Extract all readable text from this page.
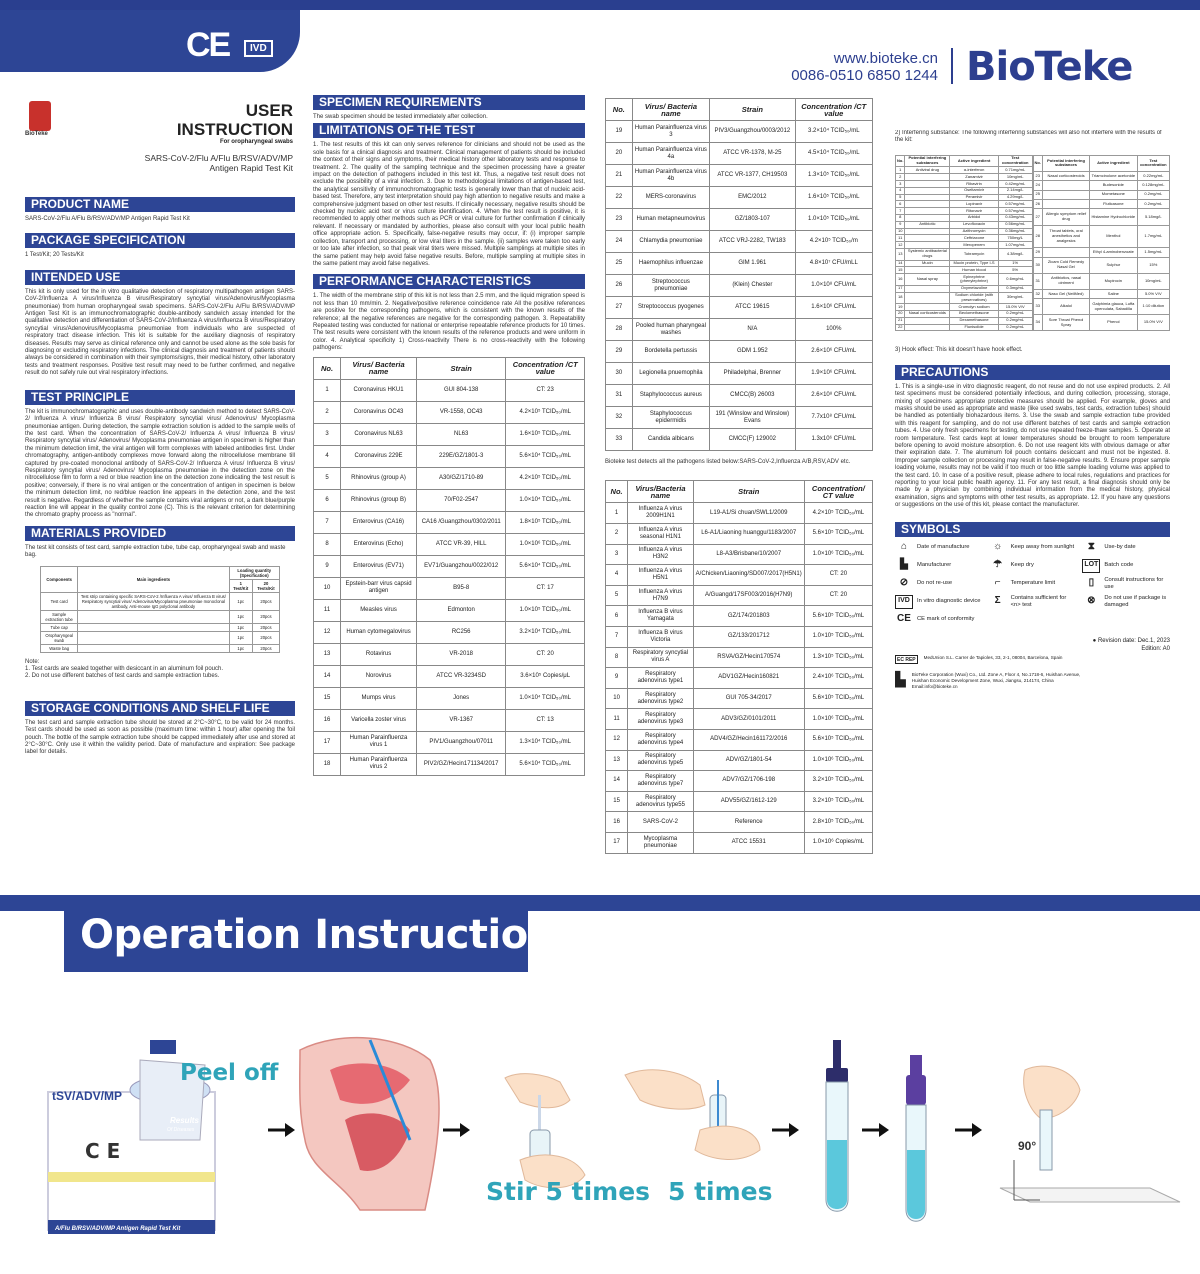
CE	IVD
www.bioteke.cn
0086-0510 6850 1244 BioTeke
BioTeke
USER
INSTRUCTION
For oropharyngeal swabs
SARS-CoV-2/Flu A/Flu B/RSV/ADV/MP
Antigen Rapid Test Kit
PRODUCT NAME
SARS-CoV-2/Flu A/Flu B/RSV/ADV/MP Antigen Rapid Test Kit
PACKAGE SPECIFICATION
1 Test/Kit; 20 Tests/Kit
INTENDED USE
This kit is only used for the in vitro qualitative detection of respiratory multipathogen antigen SARS-CoV-2/Influenza A virus/Influenza B virus/Respiratory syncytial virus/Adenovirus/Mycoplasma pneumoniae) from human oropharyngeal swab specimens. SARS-CoV-2/Flu A/Flu B/RSV/ADV/MP Antigen Test Kit is an immunochromatographic double-antibody sandwich assay intended for the qualitative detection and differentiation of SARS-CoV-2/Influenza A virus/Influenza B virus/Respiratory syncytial virus/Adenovirus/Mycoplasma pneumoniae from individuals who are suspected of respiratory tract disease infection. This kit is suitable for the auxiliary diagnosis of respiratory diseases. Results may serve as clinical reference only and cannot be used alone as the sole basis for diagnosing or excluding respiratory infections. The clinical diagnosis and treatment of patients should always be considered in combination with their symptoms/signs, their medical history, other laboratory tests and treatment responses. Positive test result may need to be further confirmed, and negative result do not safely rule out viral respiratory infections.
TEST PRINCIPLE
The kit is immunochromatographic and uses double-antibody sandwich method to detect SARS-CoV-2/ Influenza A virus/ Influenza B virus/ Respiratory syncytial virus/ Adenovirus/ Mycoplasma pneumoniae antigen. During detection, the sample extraction solution is added to the sample wells of the test card. When the concentration of SARS-CoV-2/ Influenza A virus/ Influenza B virus/ Respiratory syncytial virus/ Adenovirus/ Mycoplasma pneumoniae antigen in specimen is higher than the minimum detection limit, the viral antigen will form complexes with labeled antibodies first. Under chromatography, antigen-antibody complexes move forward along the nitrocellulose membrane till captured by pre-coated monoclonal antibody of SARS-CoV-2/ Influenza A virus/ Influenza B virus/ Respiratory syncytial virus/ Adenovirus/ Mycoplasma pneumoniae in the detection zone on the nitrocellulose film to form a red or blue reaction line on the detection zone indicating the test result is positive; conversely, if there is no viral antigen or the concentration of antigen in specimen is below the minimum detection limit, no red/blue reaction line appears in the detection zone, and the test result is negative. Regardless of whether the sample contains viral antigens or not, a dark blue/purple reaction line will appear in the quality control zone (C). This is the relevant criterion for determining the chromato graphy process as "normal".
MATERIALS PROVIDED
The test kit consists of test card, sample extraction tube, tube cap, oropharyngeal swab and waste bag.
Components	Main ingredients	Loading quantity (Specification)	
		1 Test/Kit	20 Tests/Kit
Test card	Test strip containing specific SARS-CoV-2 /Influenza A virus/ Influenza B virus/ Respiratory syncytial virus/ Adenovirus/Mycoplasma pneumoniae monoclonal antibody, Anti-mouse IgG polyclonal antibody	1pc	20pcs
Sample extraction tube		1pc	20pcs
Tube cap		1pc	20pcs
Oropharyngeal swab		1pc	20pcs
Waste bag		1pc	20pcs
Note:
1. Test cards are sealed together with desiccant in an aluminum foil pouch.
2. Do not use different batches of test cards and sample extraction tubes.
STORAGE CONDITIONS AND SHELF LIFE
The test card and sample extraction tube should be stored at 2°C~30°C, to be valid for 24 months. Test cards should be used as soon as possible (maximum time: within 1 hour) after opening the foil pouch. The bottle of the sample extraction tube should be capped immediately after use and stored at 2°C~30°C. Only use it within the validity period. Date of manufacture and expiration: See package label for details.
SPECIMEN REQUIREMENTS
The swab specimen should be tested immediately after collection.
LIMITATIONS OF THE TEST
1. The test results of this kit can only serves reference for clinicians and should not be used as the sole basis for a clinical diagnosis and treatment. Clinical management of patients should be included the context of their signs and symptoms, their medical history other laboratory tests and response to treatment. 2. The quality of the sampling technique and the specimen processing have a greater impact on the detection of pathogens included in this test kit. Thus, a negative test result does not exclude the possibility of a viral infection. 3. Due to methodological limitations of antigen-based test, the analytical sensitivity of immunochromatographic tests is generally lower than that of nucleic acid-based test. Therefore, any test interpretation should pay high attention to negative results and make a comprehensive judgment based on other test results. If clinically necessary, negative results should be checked by nucleic acid test or virus culture identification. 4. When the test result is positive, it is recommended to apply other methods such as PCR or viral culture for further confirmation if clinically relevant. If necessary or mandated by authorities, please also consult with your local public health office appropriate action. 5. Specifically, false-negative results may occur, if: (i) improper sample collection, transport and processing, or low viral titers in the sample. (ii) samples were taken too early or too late after infection, so that peak viral titers were missed. Multiple samplings at multiple sites in the same patient may help avoid false negative results. Before, multiple sampling at multiple sites in the same patient may avoid false negatives.
PERFORMANCE CHARACTERISTICS
1. The width of the membrane strip of this kit is not less than 2.5 mm, and the liquid migration speed is not less than 10 mm/min. 2. Negative/positive reference coincidence rate All the positive references are positive for the corresponding pathogens, which is consistent with the known results of the reference; all the negative references are negative for the corresponding pathogen. 3. Repeatability Repeated testing was conducted for national or enterprise repeatable reference products for 10 times. The test results were consistent with the known results of the reference products and were uniform in color. 4. Analytical specificity 1) Cross-reactivity There is no cross-reactivity with the following pathogens:
No.	Virus/ Bacteria name	Strain	Concentration /CT value
1	Coronavirus HKU1	GUI 804-138	CT: 23
2	Coronavirus OC43	VR-1558, OC43	4.2×10⁵ TCID₅₀/mL
3	Coronavirus NL63	NL63	1.6×10⁵ TCID₅₀/mL
4	Coronavirus 229E	229E/GZ/1801-3	5.6×10⁴ TCID₅₀/mL
5	Rhinovirus (group A)	A30/GZ/1710-89	4.2×10⁵ TCID₅₀/mL
6	Rhinovirus (group B)	70/F02-2547	1.0×10⁴ TCID₅₀/mL
7	Enterovirus (CA16)	CA16 /Guangzhou/0302/2011	1.8×10⁵ TCID₅₀/mL
8	Enterovirus (Echo)	ATCC VR-39, HILL	1.0×10⁶ TCID₅₀/mL
9	Enterovirus (EV71)	EV71/Guangzhou/0022/012	5.6×10⁴ TCID₅₀/mL
10	Epstein-barr virus capsid antigen	B95-8	CT: 17
11	Measles virus	Edmonton	1.0×10⁵ TCID₅₀/mL
12	Human cytomegalovirus	RC256	3.2×10⁴ TCID₅₀/mL
13	Rotavirus	VR-2018	CT: 20
14	Norovirus	ATCC VR-3234SD	3.6×10⁵ Copies/μL
15	Mumps virus	Jones	1.0×10⁴ TCID₅₀/mL
16	Varicella zoster virus	VR-1367	CT: 13
17	Human Parainfluenza virus 1	PIV1/Guangzhou/07011	1.3×10⁴ TCID₅₀/mL
18	Human Parainfluenza virus 2	PIV2/GZ/Hecin171134/2017	5.6×10⁴ TCID₅₀/mL
No.	Virus/ Bacteria name	Strain	Concentration /CT value
19	Human Parainfluenza virus 3	PIV3/Guangzhou/0003/2012	3.2×10⁴ TCID₅₀/mL
20	Human Parainfluenza virus 4a	ATCC VR-1378, M-25	4.5×10⁴ TCID₅₀/mL
21	Human Parainfluenza virus 4b	ATCC VR-1377, CH19503	1.3×10⁵ TCID₅₀/mL
22	MERS-coronavirus	EMC/2012	1.6×10⁵ TCID₅₀/mL
23	Human metapneumovirus	GZ/1803-107	1.0×10⁵ TCID₅₀/mL
24	Chlamydia pneumoniae	ATCC VRJ-2282, TW183	4.2×10⁵ TCID₅₀/m
25	Haemophilus influenzae	GIM 1.961	4.8×10⁷ CFU/mLL
26	Streptococcus pneumoniae	(Klein) Chester	1.0×10⁸ CFU/mL
27	Streptococcus pyogenes	ATCC 19615	1.6×10⁶ CFU/mL
28	Pooled human pharyngeal washes	N/A	100%
29	Bordetella pertussis	GDM 1.952	2.6×10⁶ CFU/mL
30	Legionella pnuemophila	Philadelphai, Brenner	1.9×10⁶ CFU/mL
31	Staphylococcus aureus	CMCC(B) 26003	2.6×10⁸ CFU/mL
32	Staphylococcus epidermidis	191 (Winslow and Winslow) Evans	7.7x10⁸ CFU/mL
33	Candida albicans	CMCC(F) 129002	1.3x10⁶ CFU/mL
Bioteke test detects all the pathogens listed below:SARS-CoV-2,Influenza A/B,RSV,ADV etc.
No.	Virus/Bacteria name	Strain	Concentration/ CT value
1	Influenza A virus 2009H1N1	L19-A1/Si chuan/SWL1/2009	4.2×10⁵ TCID₅₀/mL
2	Influenza A virus seasonal H1N1	L6-A1/Liaoning huanggu/1183/2007	5.6×10⁵ TCID₅₀/mL
3	Influenza A virus H3N2	L8-A3/Brisbane/10/2007	1.0×10⁶ TCID₅₀/mL
4	Influenza A virus H5N1	A/Chicken/Liaoning/SD007/2017(H5N1)	CT: 20
5	Influenza A virus H7N9	A/Guangd/17SF003/2016(H7N9)	CT: 20
6	Influenza B virus Yamagata	GZ/174/201803	5.6×10⁵ TCID₅₀/mL
7	Influenza B virus Victoria	GZ/133/201712	1.0×10⁵ TCID₅₀/mL
8	Respiratory syncytial virus A	RSVA/GZ/Hecin170574	1.3×10⁵ TCID₅₀/mL
9	Respiratory adenovirus type1	ADV1GZ/Hecin160821	2.4×10⁶ TCID₅₀/mL
10	Respiratory adenovirus type2	GUI 705-34/2017	5.6×10⁵ TCID₅₀/mL
11	Respiratory adenovirus type3	ADV3/GZ/0101/2011	1.0×10⁶ TCID₅₀/mL
12	Respiratory adenovirus type4	ADV4/GZ/Hecin161172/2016	5.6×10⁵ TCID₅₀/mL
13	Respiratory adenovirus type5	ADV/GZ/1801-54	1.0×10⁶ TCID₅₀/mL
14	Respiratory adenovirus type7	ADV7/GZ/1706-198	3.2×10⁵ TCID₅₀/mL
15	Respiratory adenovirus type55	ADV55/GZ/1612-129	3.2×10⁵ TCID₅₀/mL
16	SARS-CoV-2	Reference	2.8×10⁵ TCID₅₀/mL
17	Mycoplasma pneumoniae	ATCC 15531	1.0×10⁶ Copies/mL
2) Interfering substance: The following interfering substances will also not interfere with the results of the kit:
No.	Potential interfering substances	Active ingredient	Test concentration
1	Antiviral drug	α-interferon	0.71mg/mL
2		Zanamivir	10mg/mL
3		Ribavirin	0.42mg/mL
4		Oseltamivir	2.14mg/L
5		Peramivir	4.29mg/L
6		Lopinavir	0.57mg/mL
7		Ritonavir	0.57mg/mL
8		Arbidol	0.43mg/mL
9	Antibiotic	Levofloxacin	0.56mg/mL
10		Azithromycin	0.36mg/mL
11		Ceftriaxone	750mg/L
12		Meropenem	1.07mg/mL
13	Systemic antibacterial drugs	Tobramycin	4.38mg/L
14	Mucin	Mucin protein, Type I-S	1%
15		Human blood	5%
16	Nasal spray	Epinephrine (phenylephrine)	0.6mg/mL
17		Oxymetazoline	0.3mg/mL
18		Sodium chloride (with preservatives)	30mg/mL
19		Cromolyn sodium	15.0% V/V
20	Nasal corticosteroids	Beclomethasone	0.2mg/mL
21		Dexamethasone	0.2mg/mL
22		Flunisolide	0.2mg/mL
No.	Potential interfering substances	Active ingredient	Test concentration
23	Nasal corticosteroids	Triamcinolone acetonide	0.22mg/mL
24		Budesonide	0.128mg/mL
25		Mometasone	0.2mg/mL
26		Fluticasone	0.2mg/mL
27	Allergic symptom relief drug	Histamine Hydrochloride	5.18mg/L
28	Throat tablets, oral anesthetics and analgesics	Menthol	1.7mg/mL
29		Ethyl 4-aminobenzoate	1.5mg/mL
30	Zicam Cold Remedy Nasal Gel	Sulphur	15%
31	Antibiotics, nasal ointment	Mupirocin	10mg/mL
32	Naso Gel (NeilMed)	Saline	5.0% V/V
33	Alkalol	Galphimia glauca, Luffa operculata, Sabadilla	1:10 dilution
34	Sore Throat Phenol Spray	Phenol	15.0% V/V
3) Hook effect: This kit doesn't have hook effect.
PRECAUTIONS
1. This is a single-use in vitro diagnostic reagent, do not reuse and do not use expired products. 2. All test specimens must be considered potentially infectious, and during collection, processing, storage, mixing of specimens appropriate protective measures should be applied. For example, gloves and masks should be used as appropriate and waste (like used swabs, test cards, extraction tubes) should be handled as potentially biohazardous items. 3. Use the swab and sample extraction tube provided with this reagent for sampling, and do not use different batches of test cards and sample extraction tubes. 4. Use only fresh specimens for testing, do not use repeated freeze-thaw samples. 5. Operate at room temperature. Test cards kept at lower temperatures should be brought to room temperature before opening to avoid moisture absorption. 6. Do not use reagent kits with obvious damage or after their expiration date. 7. The aluminum foil pouch contains desiccant and must not be ingested. 8. Improper sample collection or processing may result in false-negative results. 9. Ensure proper sample loading volume, results may not be valid if too much or too little sample loading volume was applied to the test card. 10. In case of a positive result, please adhere to local rules, regulations and practices for reporting to your local public health agency. 11. For any test result, a final diagnosis should only be made by a physician by combining individual information from the medical history, physical examination, signs and symptoms with other test results, as appropriate. 12. If you have any questions or suggestions on the use of this kit, please contact the manufacturer.
SYMBOLS
⌂	Date of manufacture	☼	Keep away from sunlight	⧗	Use-by date
▙	Manufacturer	☂	Keep dry	LOT	Batch code
⊘	Do not re-use	⌐	Temperature limit	▯	Consult instructions for use
IVD	In vitro diagnostic device	Σ	Contains sufficient for <n> test	⊗	Do not use if package is damaged
CE	CE mark of conformity
● Revision date: Dec.1, 2023
Edition: A0
EC REP	MedUnion S.L. Carrer de Tapioles, 33, 2-1, 08004, Barcelona, Spain
▙ BioTeke Corporation (Wuxi) Co., Ltd. Zone A, Floor 4, No.1718-6, Huishan Avenue, Huishan Economic Development Zone, Wuxi, Jiangsu, 214174, China Email:info@bioteke.cn
Operation Instructions
tSV/ADV/MP
A/Flu B/RSV/ADV/MP Antigen Rapid Test Kit
C E
Results
Of Diseases
Peel off
Stir 5 times 5 times
90°
